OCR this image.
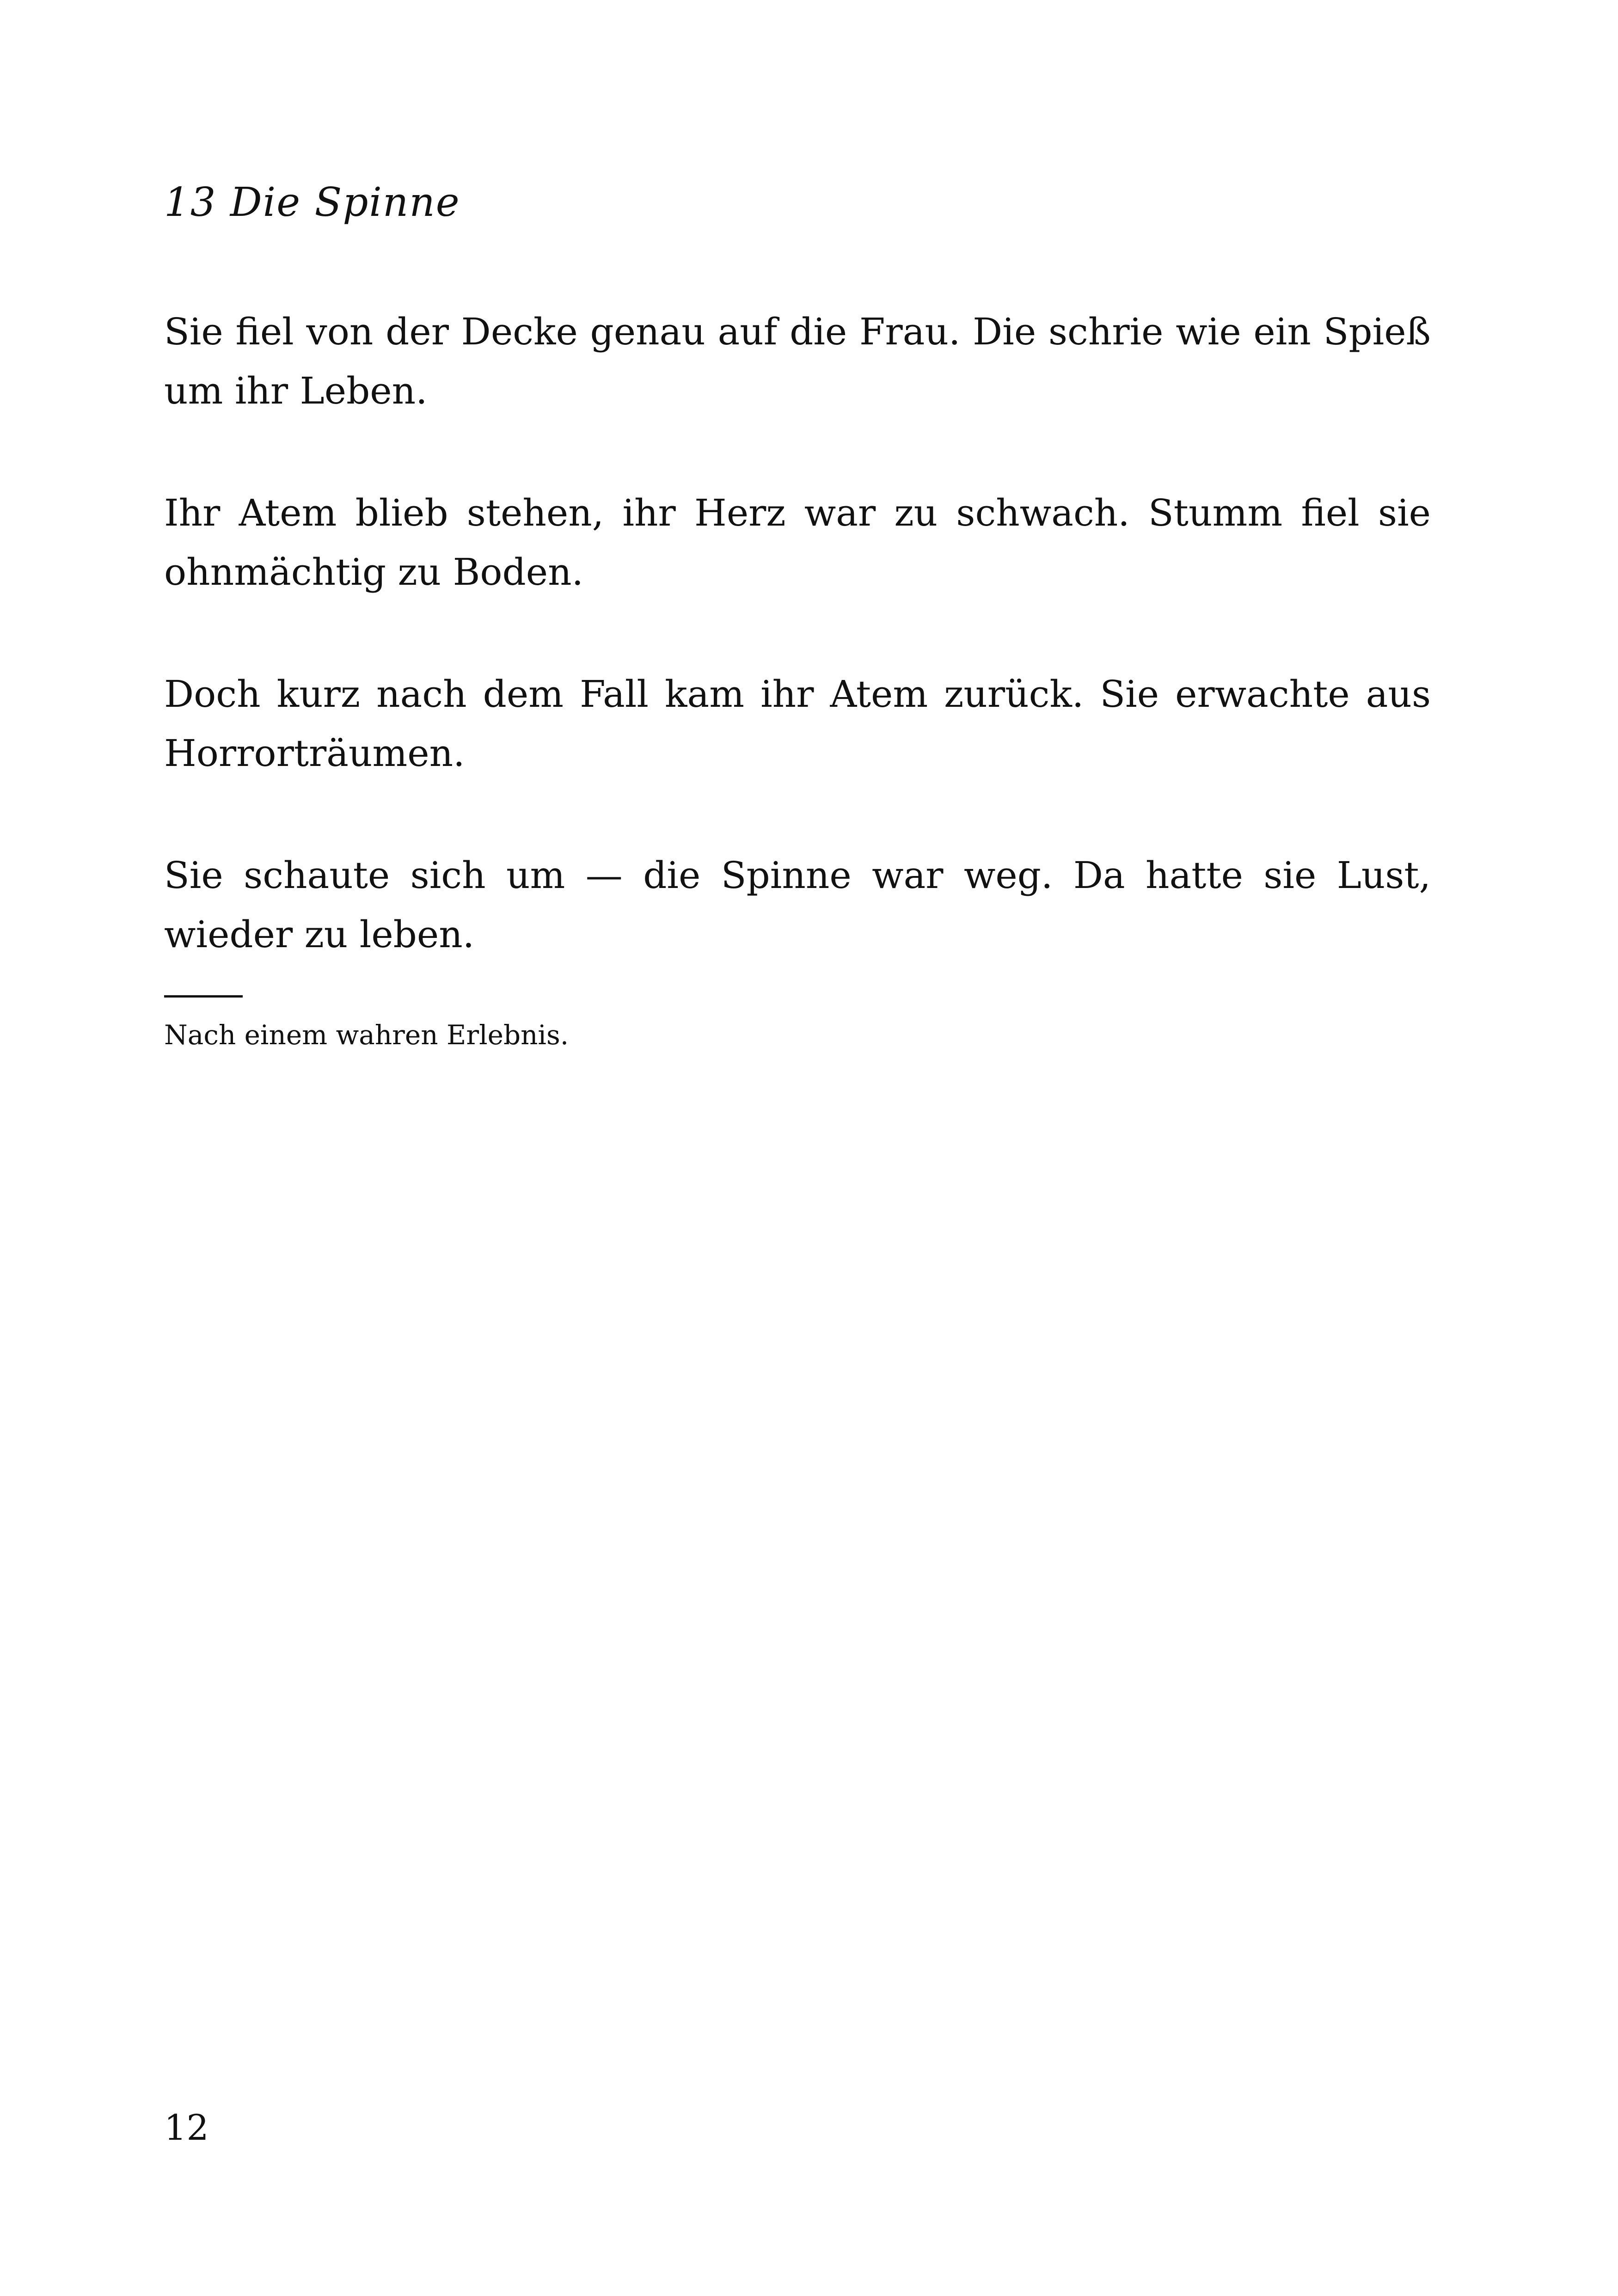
13 Die Spinne

Sie fiel von der Decke genau auf die Frau. Die schrie wie ein Spieß um ihr Leben.

Ihr Atem blieb stehen, ihr Herz war zu schwach. Stumm fiel sie ohnmächtig zu Boden.

Doch kurz nach dem Fall kam ihr Atem zurück. Sie erwachte aus Horrorträumen.

Sie schaute sich um — die Spinne war weg. Da hatte sie Lust, wieder zu leben.

Nach einem wahren Erlebnis.

12
